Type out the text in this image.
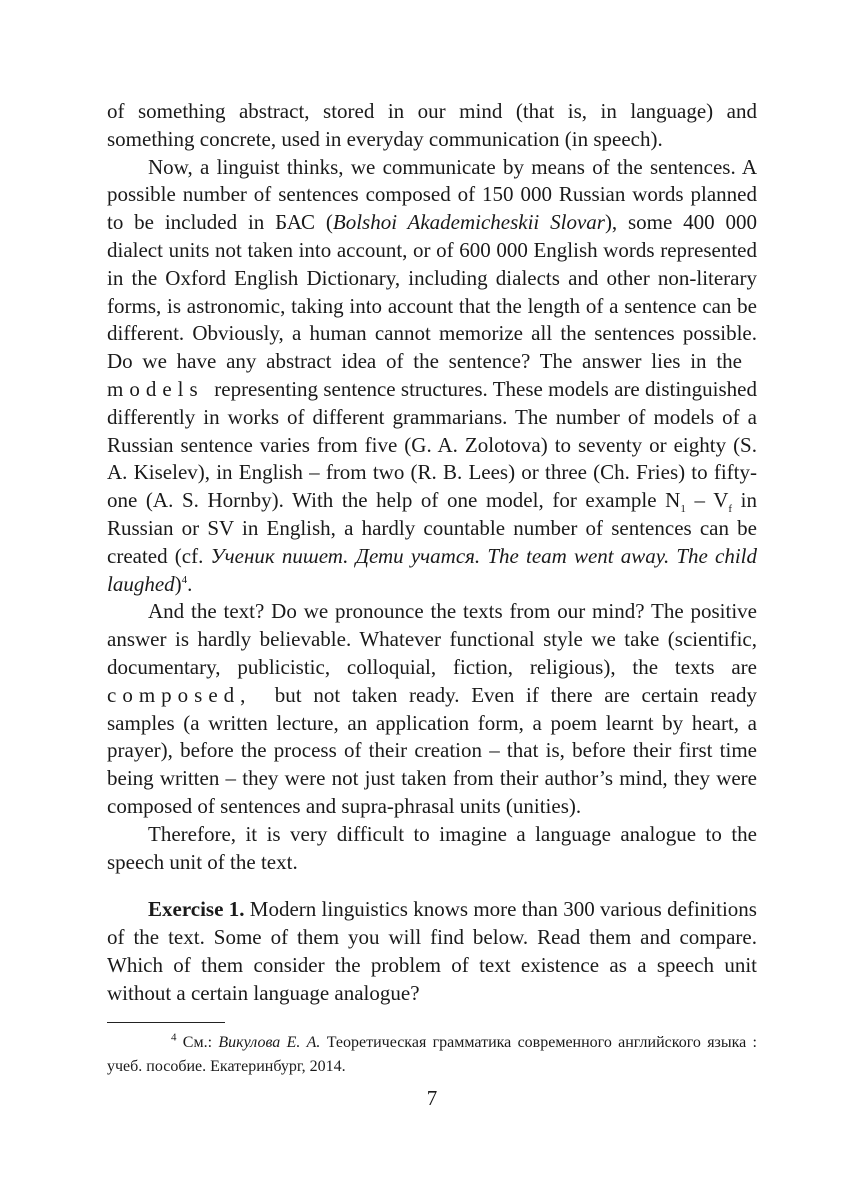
of something abstract, stored in our mind (that is, in language) and something concrete, used in everyday communication (in speech).

Now, a linguist thinks, we communicate by means of the sentences. A possible number of sentences composed of 150 000 Russian words planned to be included in БАС (Bolshoi Akademicheskii Slovar), some 400 000 dialect units not taken into account, or of 600 000 English words represented in the Oxford English Dictionary, including dialects and other non-literary forms, is astronomic, taking into account that the length of a sentence can be different. Obviously, a human cannot memorize all the sentences possible. Do we have any abstract idea of the sentence? The answer lies in the   models representing sentence structures. These models are distinguished differently in works of different grammarians. The number of models of a Russian sentence varies from five (G. A. Zolotova) to seventy or eighty (S. A. Kiselev), in English – from two (R. B. Lees) or three (Ch. Fries) to fifty-one (A. S. Hornby). With the help of one model, for example $N_1 - V_f$ in Russian or SV in English, a hardly countable number of sentences can be created (cf. Ученик пишет. Дети учатся. The team went away. The child laughed)$^4$.

And the text? Do we pronounce the texts from our mind? The positive answer is hardly believable. Whatever functional style we take (scientific, documentary, publicistic, colloquial, fiction, religious), the texts are composed, but not taken ready. Even if there are certain ready samples (a written lecture, an application form, a poem learnt by heart, a prayer), before the process of their creation – that is, before their first time being written – they were not just taken from their author’s mind, they were composed of sentences and supra-phrasal units (unities).

Therefore, it is very difficult to imagine a language analogue to the speech unit of the text.

Exercise 1. Modern linguistics knows more than 300 various definitions of the text. Some of them you will find below. Read them and compare. Which of them consider the problem of text existence as a speech unit without a certain language analogue?

$^4$ См.: Викулова Е. А. Теоретическая грамматика современного английского языка : учеб. пособие. Екатеринбург, 2014.

7
